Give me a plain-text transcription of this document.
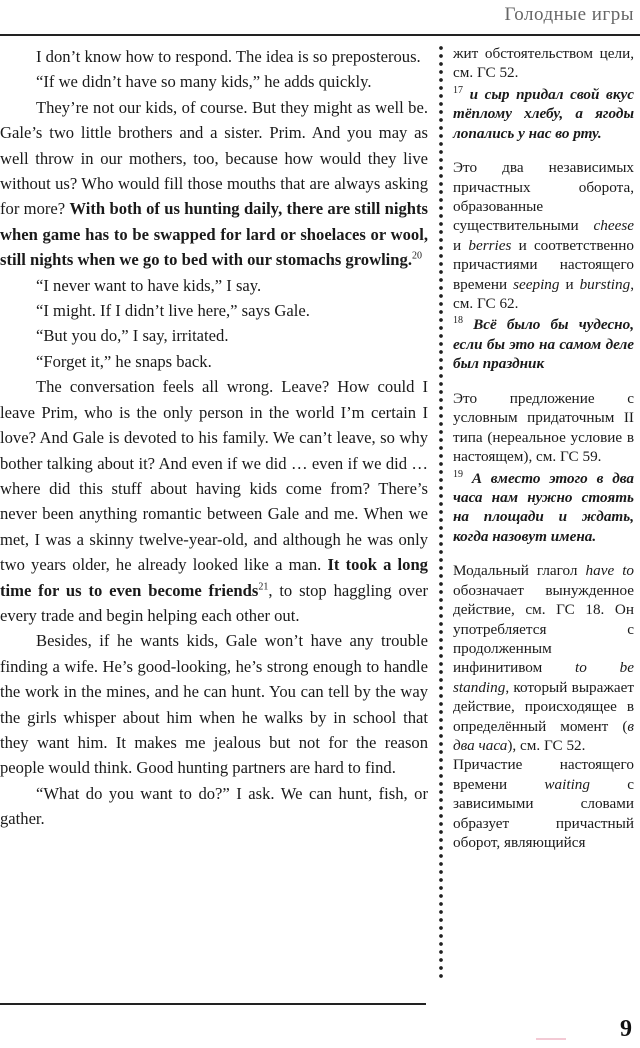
Голодные игры

I don’t know how to respond. The idea is so preposterous.

“If we didn’t have so many kids,” he adds quickly.

They’re not our kids, of course. But they might as well be. Gale’s two little brothers and a sister. Prim. And you may as well throw in our mothers, too, because how would they live without us? Who would fill those mouths that are always asking for more? With both of us hunting daily, there are still nights when game has to be swapped for lard or shoelaces or wool, still nights when we go to bed with our stomachs growling.$^{20}$

“I never want to have kids,” I say.

“I might. If I didn’t live here,” says Gale.

“But you do,” I say, irritated.

“Forget it,” he snaps back.

The conversation feels all wrong. Leave? How could I leave Prim, who is the only person in the world I’m certain I love? And Gale is devoted to his family. We can’t leave, so why bother talking about it? And even if we did … even if we did … where did this stuff about having kids come from? There’s never been anything romantic between Gale and me. When we met, I was a skinny twelve-year-old, and although he was only two years older, he already looked like a man. It took a long time for us to even become friends$^{21}$, to stop haggling over every trade and begin helping each other out.

Besides, if he wants kids, Gale won’t have any trouble finding a wife. He’s good-looking, he’s strong enough to handle the work in the mines, and he can hunt. You can tell by the way the girls whisper about him when he walks by in school that they want him. It makes me jealous but not for the reason people would think. Good hunting partners are hard to find.

“What do you want to do?” I ask. We can hunt, fish, or gather.

жит обстоятельством цели, см. ГС 52.

$^{17}$ и сыр придал свой вкус тёплому хлебу, а ягоды лопались у нас во рту.

Это два независимых причастных оборота, образованные существительными cheese и berries и соответственно причастиями настоящего времени seeping и bursting, см. ГС 62.

$^{18}$ Всё было бы чудесно, если бы это на самом деле был праздник

Это предложение с условным придаточным II типа (нереальное условие в настоящем), см. ГС 59.

$^{19}$ А вместо этого в два часа нам нужно стоять на площади и ждать, когда назовут имена.

Модальный глагол have to обозначает вынужденное действие, см. ГС 18. Он употребляется с продолженным инфинитивом to be standing, который выражает действие, происходящее в определённый момент (в два часа), см. ГС 52.

Причастие настоящего времени waiting с зависимыми словами образует причастный оборот, являющийся

9
